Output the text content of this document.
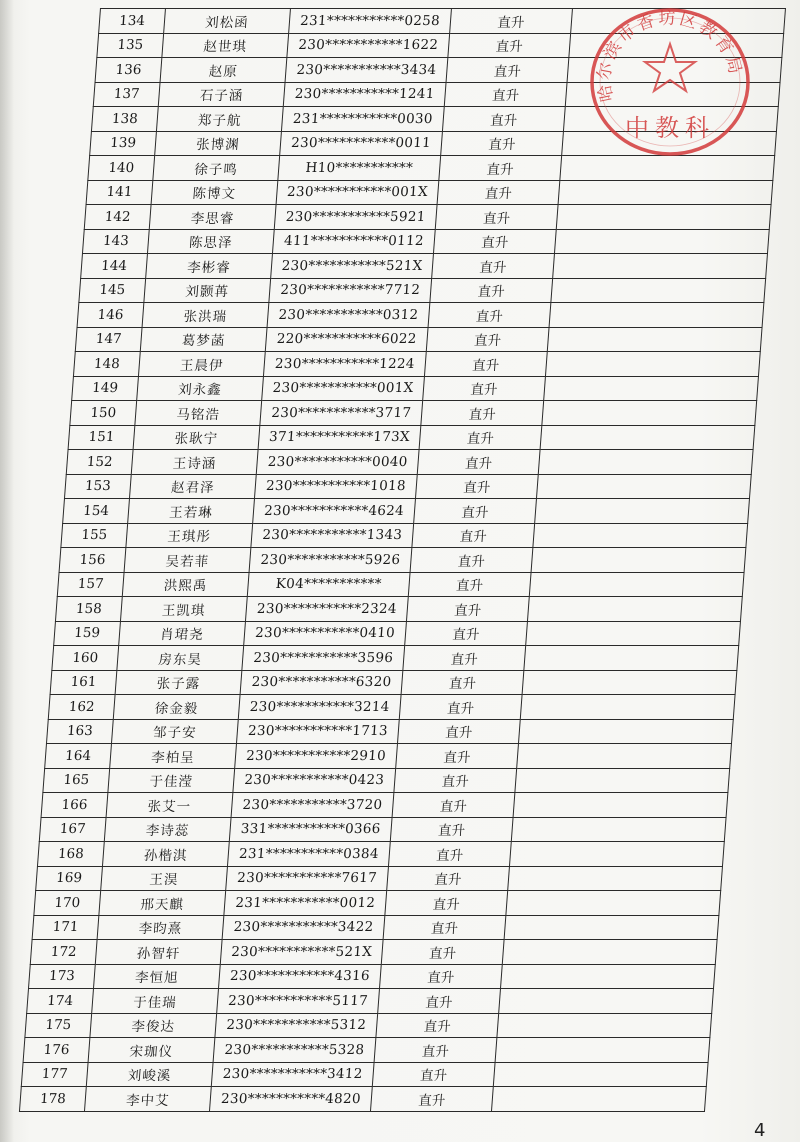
134	刘松函	231***********0258	直升	
135	赵世琪	230***********1622	直升	
136	赵原	230***********3434	直升	
137	石子涵	230***********1241	直升	
138	郑子航	231***********0030	直升	
139	张博渊	230***********0011	直升	
140	徐子鸣	H10***********	直升	
141	陈博文	230***********001X	直升	
142	李思睿	230***********5921	直升	
143	陈思泽	411***********0112	直升	
144	李彬睿	230***********521X	直升	
145	刘颢苒	230***********7712	直升	
146	张洪瑞	230***********0312	直升	
147	葛梦菡	220***********6022	直升	
148	王晨伊	230***********1224	直升	
149	刘永鑫	230***********001X	直升	
150	马铭浩	230***********3717	直升	
151	张耿宁	371***********173X	直升	
152	王诗涵	230***********0040	直升	
153	赵君泽	230***********1018	直升	
154	王若琳	230***********4624	直升	
155	王琪彤	230***********1343	直升	
156	吴若菲	230***********5926	直升	
157	洪熙禹	K04***********	直升	
158	王凯琪	230***********2324	直升	
159	肖珺尧	230***********0410	直升	
160	房东昊	230***********3596	直升	
161	张子露	230***********6320	直升	
162	徐金毅	230***********3214	直升	
163	邹子安	230***********1713	直升	
164	李柏呈	230***********2910	直升	
165	于佳滢	230***********0423	直升	
166	张艾一	230***********3720	直升	
167	李诗蕊	331***********0366	直升	
168	孙楷淇	231***********0384	直升	
169	王淏	230***********7617	直升	
170	邢天麒	231***********0012	直升	
171	李昀熹	230***********3422	直升	
172	孙智轩	230***********521X	直升	
173	李恒旭	230***********4316	直升	
174	于佳瑞	230***********5117	直升	
175	李俊达	230***********5312	直升	
176	宋珈仪	230***********5328	直升	
177	刘峻溪	230***********3412	直升	
178	李中艾	230***********4820	直升	
哈尔滨市香坊区教育局
中教科
4
